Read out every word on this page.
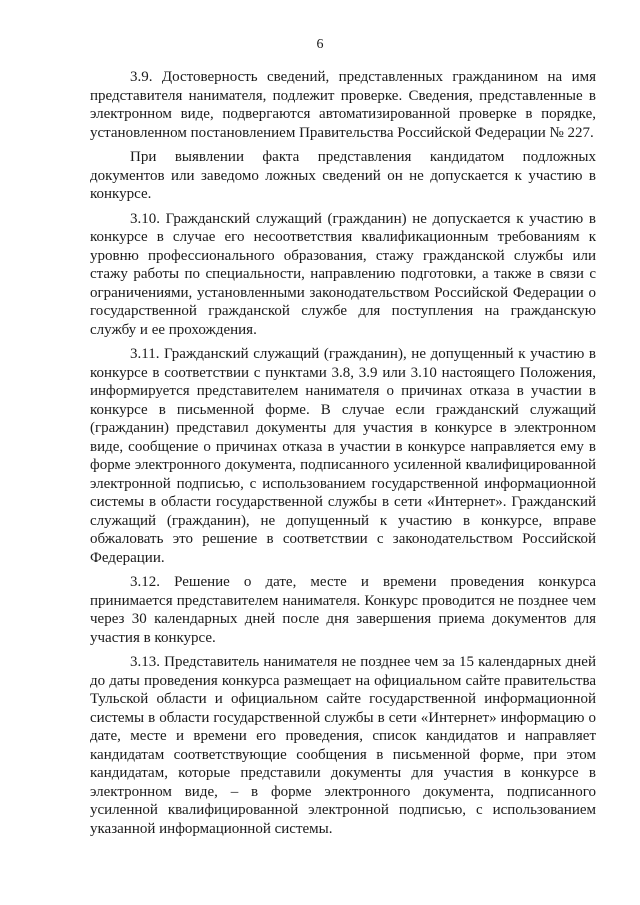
6

3.9. Достоверность сведений, представленных гражданином на имя представителя нанимателя, подлежит проверке. Сведения, представленные в электронном виде, подвергаются автоматизированной проверке в порядке, установленном постановлением Правительства Российской Федерации № 227.

При выявлении факта представления кандидатом подложных документов или заведомо ложных сведений он не допускается к участию в конкурсе.

3.10. Гражданский служащий (гражданин) не допускается к участию в конкурсе в случае его несоответствия квалификационным требованиям к уровню профессионального образования, стажу гражданской службы или стажу работы по специальности, направлению подготовки, а также в связи с ограничениями, установленными законодательством Российской Федерации о государственной гражданской службе для поступления на гражданскую службу и ее прохождения.

3.11. Гражданский служащий (гражданин), не допущенный к участию в конкурсе в соответствии с пунктами 3.8, 3.9 или 3.10 настоящего Положения, информируется представителем нанимателя о причинах отказа в участии в конкурсе в письменной форме. В случае если гражданский служащий (гражданин) представил документы для участия в конкурсе в электронном виде, сообщение о причинах отказа в участии в конкурсе направляется ему в форме электронного документа, подписанного усиленной квалифицированной электронной подписью, с использованием государственной информационной системы в области государственной службы в сети «Интернет». Гражданский служащий (гражданин), не допущенный к участию в конкурсе, вправе обжаловать это решение в соответствии с законодательством Российской Федерации.

3.12. Решение о дате, месте и времени проведения конкурса принимается представителем нанимателя. Конкурс проводится не позднее чем через 30 календарных дней после дня завершения приема документов для участия в конкурсе.

3.13. Представитель нанимателя не позднее чем за 15 календарных дней до даты проведения конкурса размещает на официальном сайте правительства Тульской области и официальном сайте государственной информационной системы в области государственной службы в сети «Интернет» информацию о дате, месте и времени его проведения, список кандидатов и направляет кандидатам соответствующие сообщения в письменной форме, при этом кандидатам, которые представили документы для участия в конкурсе в электронном виде, – в форме электронного документа, подписанного усиленной квалифицированной электронной подписью, с использованием указанной информационной системы.
